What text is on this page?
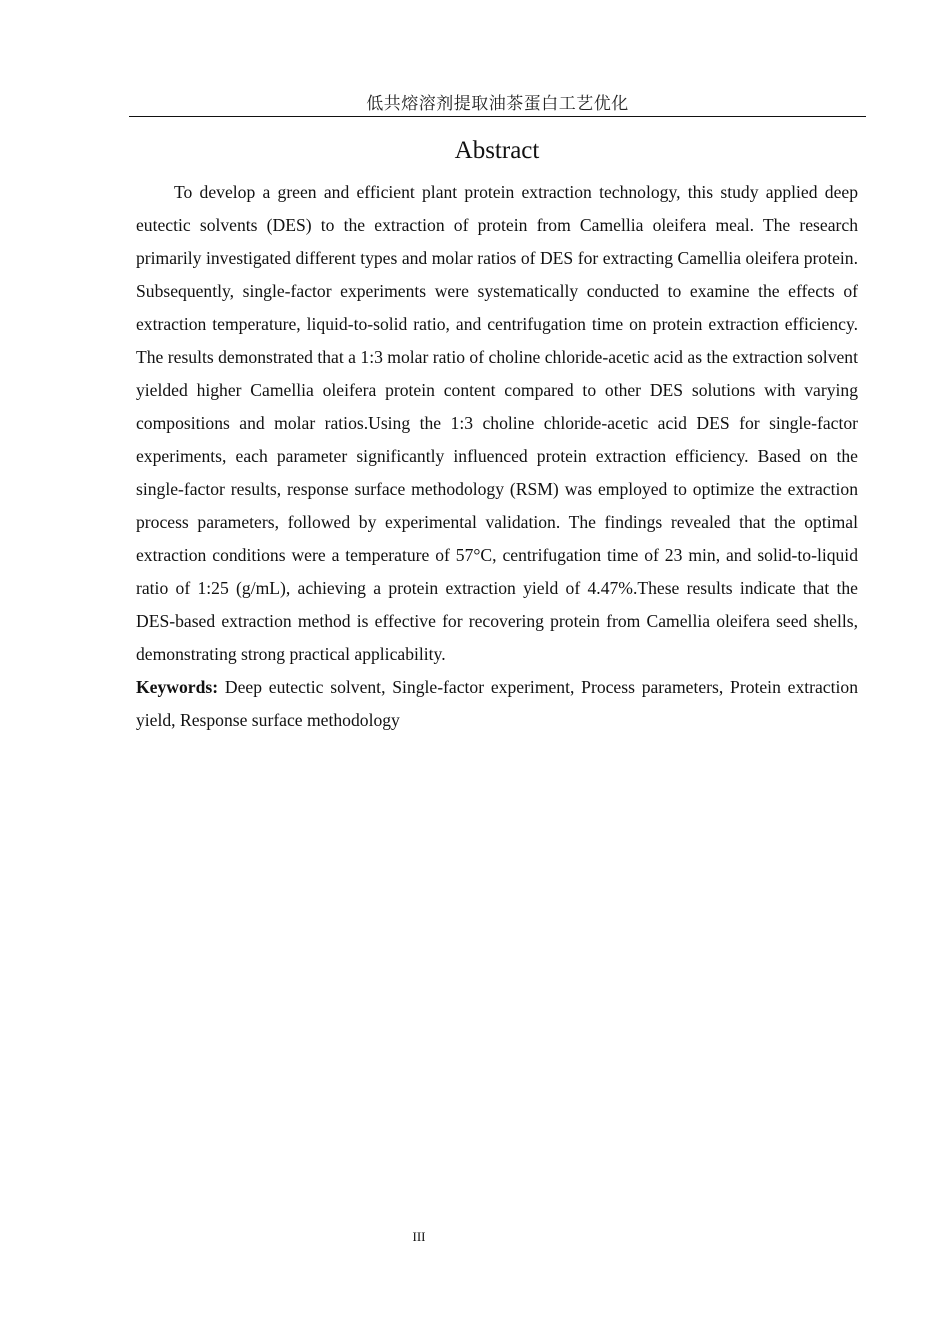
低共熔溶剂提取油茶蛋白工艺优化
Abstract

To develop a green and efficient plant protein extraction technology, this study applied deep eutectic solvents (DES) to the extraction of protein from Camellia oleifera meal. The research primarily investigated different types and molar ratios of DES for extracting Camellia oleifera protein. Subsequently, single-factor experiments were systematically conducted to examine the effects of extraction temperature, liquid-to-solid ratio, and centrifugation time on protein extraction efficiency. The results demonstrated that a 1:3 molar ratio of choline chloride-acetic acid as the extraction solvent yielded higher Camellia oleifera protein content compared to other DES solutions with varying compositions and molar ratios.Using the 1:3 choline chloride-acetic acid DES for single-factor experiments, each parameter significantly influenced protein extraction efficiency. Based on the single-factor results, response surface methodology (RSM) was employed to optimize the extraction process parameters, followed by experimental validation. The findings revealed that the optimal extraction conditions were a temperature of 57°C, centrifugation time of 23 min, and solid-to-liquid ratio of 1:25 (g/mL), achieving a protein extraction yield of 4.47%.These results indicate that the DES-based extraction method is effective for recovering protein from Camellia oleifera seed shells, demonstrating strong practical applicability.

Keywords: Deep eutectic solvent, Single-factor experiment, Process parameters, Protein extraction yield, Response surface methodology

III
